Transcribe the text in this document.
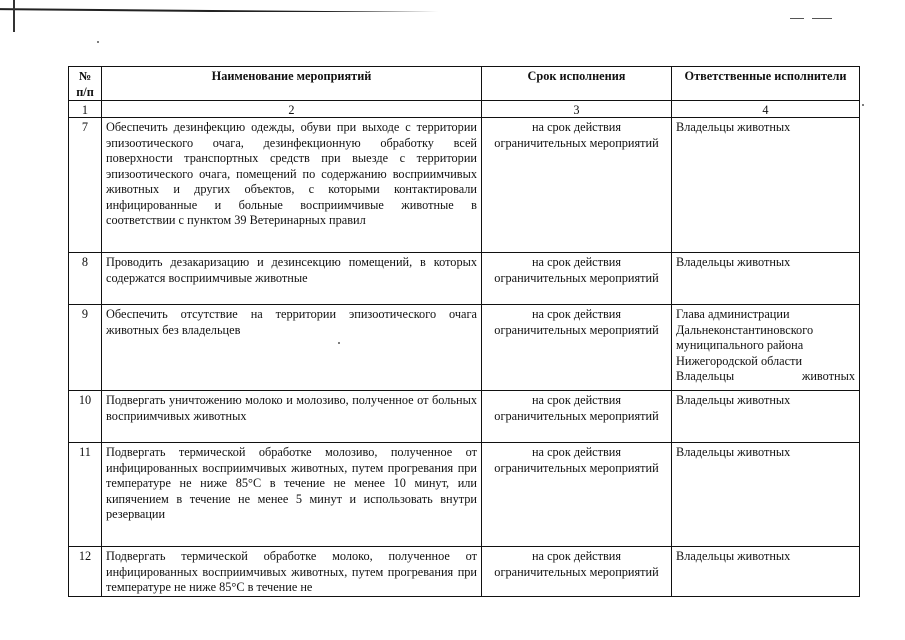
№ п/п	Наименование мероприятий	Срок исполнения	Ответственные исполнители
1	2	3	4
7	Обеспечить дезинфекцию одежды, обуви при выходе с территории эпизоотического очага, дезинфекционную обработку всей поверхности транспортных средств при выезде с территории эпизоотического очага, помещений по содержанию восприимчивых животных и других объектов, с которыми контактировали инфицированные и больные восприимчивые животные в соответствии с пунктом 39 Ветеринарных правил	на срок действия ограничительных мероприятий	Владельцы животных
8	Проводить дезакаризацию и дезинсекцию помещений, в которых содержатся восприимчивые животные	на срок действия ограничительных мероприятий	Владельцы животных
9	Обеспечить отсутствие на территории эпизоотического очага животных без владельцев	на срок действия ограничительных мероприятий	Глава администрации Дальнеконстантиновского муниципального района Нижегородской области Владельцы животных
10	Подвергать уничтожению молоко и молозиво, полученное от больных восприимчивых животных	на срок действия ограничительных мероприятий	Владельцы животных
11	Подвергать термической обработке молозиво, полученное от инфицированных восприимчивых животных, путем прогревания при температуре не ниже 85°С в течение не менее 10 минут, или кипячением в течение не менее 5 минут и использовать внутри резервации	на срок действия ограничительных мероприятий	Владельцы животных
12	Подвергать термической обработке молоко, полученное от инфицированных восприимчивых животных, путем прогревания при температуре не ниже 85°С в течение не	на срок действия ограничительных мероприятий	Владельцы животных
